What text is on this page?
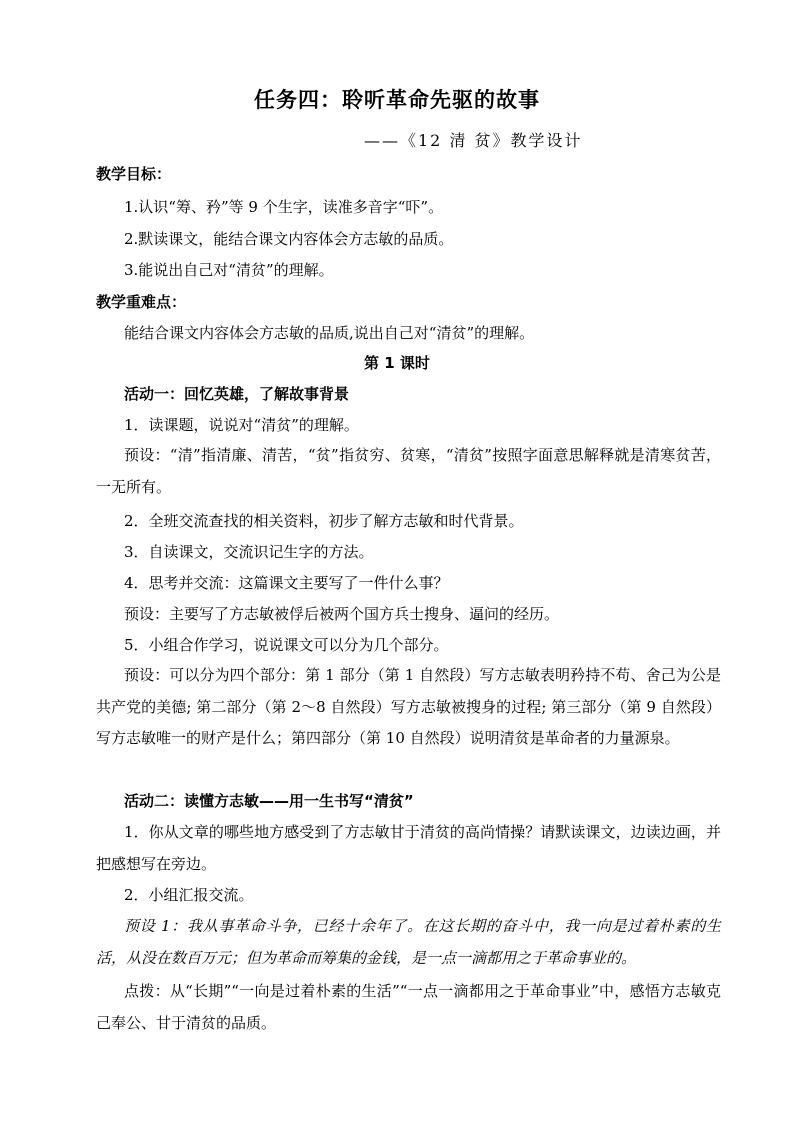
任务四：聆听革命先驱的故事
——《12 清 贫》教学设计
教学目标：
1.认识“筹、矜”等 9 个生字，读准多音字“吓”。
2.默读课文，能结合课文内容体会方志敏的品质。
3.能说出自己对“清贫”的理解。
教学重难点：
能结合课文内容体会方志敏的品质,说出自己对“清贫”的理解。
第 1 课时
活动一：回忆英雄，了解故事背景
1．读课题，说说对“清贫”的理解。
预设：“清”指清廉、清苦，“贫”指贫穷、贫寒，“清贫”按照字面意思解释就是清寒贫苦，一无所有。
2．全班交流查找的相关资料，初步了解方志敏和时代背景。
3．自读课文，交流识记生字的方法。
4．思考并交流：这篇课文主要写了一件什么事？
预设：主要写了方志敏被俘后被两个国方兵士搜身、逼问的经历。
5．小组合作学习，说说课文可以分为几个部分。
预设：可以分为四个部分：第 1 部分（第 1 自然段）写方志敏表明矜持不苟、舍己为公是共产党的美德; 第二部分（第 2～8 自然段）写方志敏被搜身的过程; 第三部分（第 9 自然段）写方志敏唯一的财产是什么；第四部分（第 10 自然段）说明清贫是革命者的力量源泉。
活动二：读懂方志敏——用一生书写“清贫”
1．你从文章的哪些地方感受到了方志敏甘于清贫的高尚情操？请默读课文，边读边画，并把感想写在旁边。
2．小组汇报交流。
预设 1：我从事革命斗争，已经十余年了。在这长期的奋斗中，我一向是过着朴素的生活，从没在数百万元；但为革命而筹集的金钱，是一点一滴都用之于革命事业的。
点拨：从“长期”“一向是过着朴素的生活”“一点一滴都用之于革命事业”中，感悟方志敏克己奉公、甘于清贫的品质。
